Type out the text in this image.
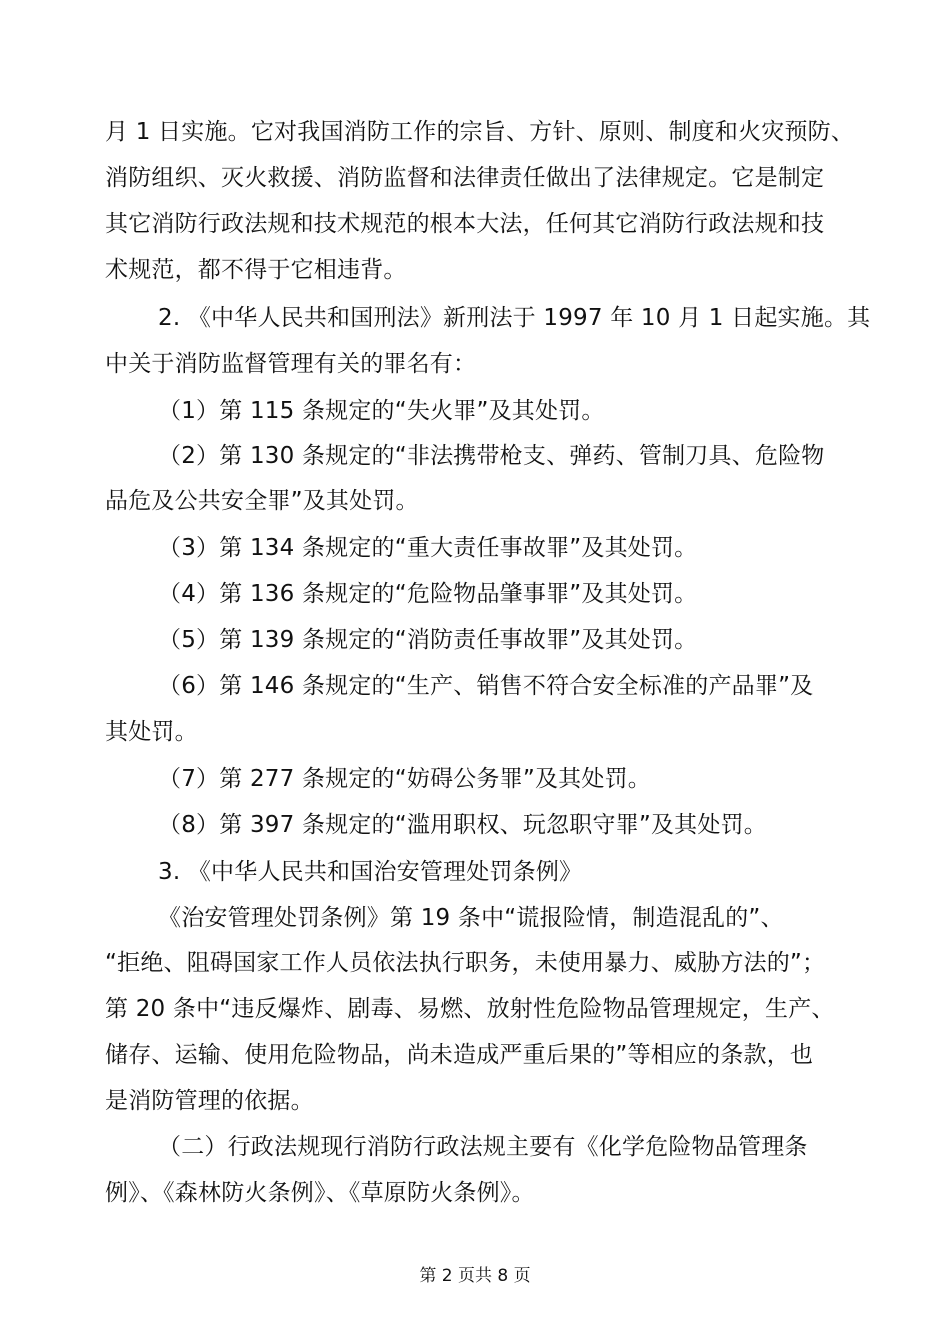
月 1 日实施。它对我国消防工作的宗旨、方针、原则、制度和火灾预防、
消防组织、灭火救援、消防监督和法律责任做出了法律规定。它是制定
其它消防行政法规和技术规范的根本大法，任何其它消防行政法规和技
术规范，都不得于它相违背。
2. 《中华人民共和国刑法》新刑法于 1997 年 10 月 1 日起实施。其
中关于消防监督管理有关的罪名有：
（1）第 115 条规定的“失火罪”及其处罚。
（2）第 130 条规定的“非法携带枪支、弹药、管制刀具、危险物
品危及公共安全罪”及其处罚。
（3）第 134 条规定的“重大责任事故罪”及其处罚。
（4）第 136 条规定的“危险物品肇事罪”及其处罚。
（5）第 139 条规定的“消防责任事故罪”及其处罚。
（6）第 146 条规定的“生产、销售不符合安全标准的产品罪”及
其处罚。
（7）第 277 条规定的“妨碍公务罪”及其处罚。
（8）第 397 条规定的“滥用职权、玩忽职守罪”及其处罚。
3. 《中华人民共和国治安管理处罚条例》
《治安管理处罚条例》第 19 条中“谎报险情，制造混乱的”、
“拒绝、阻碍国家工作人员依法执行职务，未使用暴力、威胁方法的”；
第 20 条中“违反爆炸、剧毒、易燃、放射性危险物品管理规定，生产、
储存、运输、使用危险物品，尚未造成严重后果的”等相应的条款，也
是消防管理的依据。
（二）行政法规现行消防行政法规主要有《化学危险物品管理条
例》、《森林防火条例》、《草原防火条例》。
第 2 页共 8 页
